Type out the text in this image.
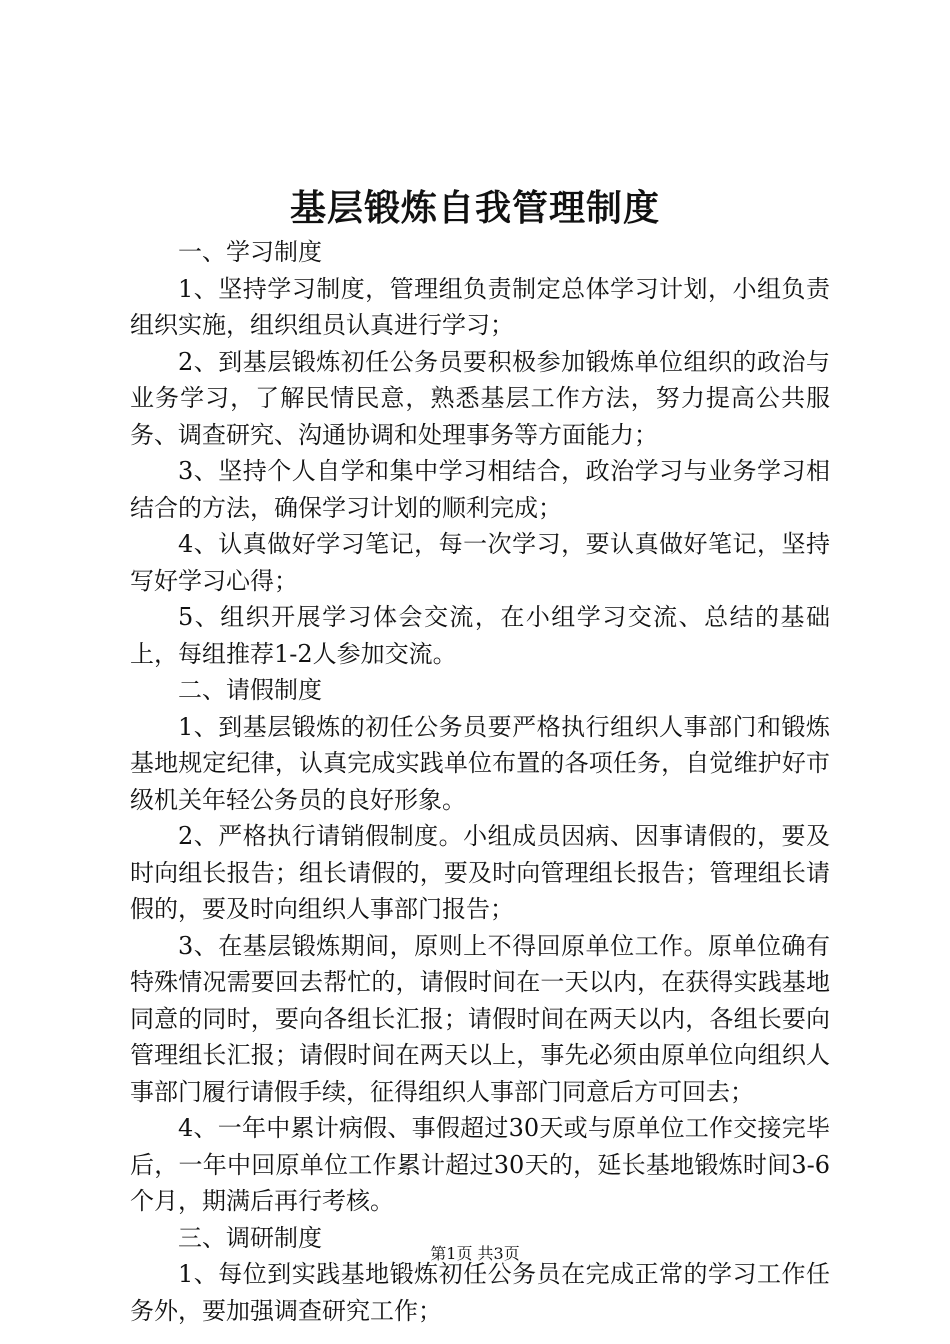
基层锻炼自我管理制度

一、学习制度

1、坚持学习制度，管理组负责制定总体学习计划，小组负责组织实施，组织组员认真进行学习；

2、到基层锻炼初任公务员要积极参加锻炼单位组织的政治与业务学习，了解民情民意，熟悉基层工作方法，努力提高公共服务、调查研究、沟通协调和处理事务等方面能力；

3、坚持个人自学和集中学习相结合，政治学习与业务学习相结合的方法，确保学习计划的顺利完成；

4、认真做好学习笔记，每一次学习，要认真做好笔记，坚持写好学习心得；

5、组织开展学习体会交流，在小组学习交流、总结的基础上，每组推荐1-2人参加交流。

二、请假制度

1、到基层锻炼的初任公务员要严格执行组织人事部门和锻炼基地规定纪律，认真完成实践单位布置的各项任务，自觉维护好市级机关年轻公务员的良好形象。

2、严格执行请销假制度。小组成员因病、因事请假的，要及时向组长报告；组长请假的，要及时向管理组长报告；管理组长请假的，要及时向组织人事部门报告；

3、在基层锻炼期间，原则上不得回原单位工作。原单位确有特殊情况需要回去帮忙的，请假时间在一天以内，在获得实践基地同意的同时，要向各组长汇报；请假时间在两天以内，各组长要向管理组长汇报；请假时间在两天以上，事先必须由原单位向组织人事部门履行请假手续，征得组织人事部门同意后方可回去；

4、一年中累计病假、事假超过30天或与原单位工作交接完毕后，一年中回原单位工作累计超过30天的，延长基地锻炼时间3-6个月，期满后再行考核。

三、调研制度

1、每位到实践基地锻炼初任公务员在完成正常的学习工作任务外，要加强调查研究工作；

第1页 共3页
